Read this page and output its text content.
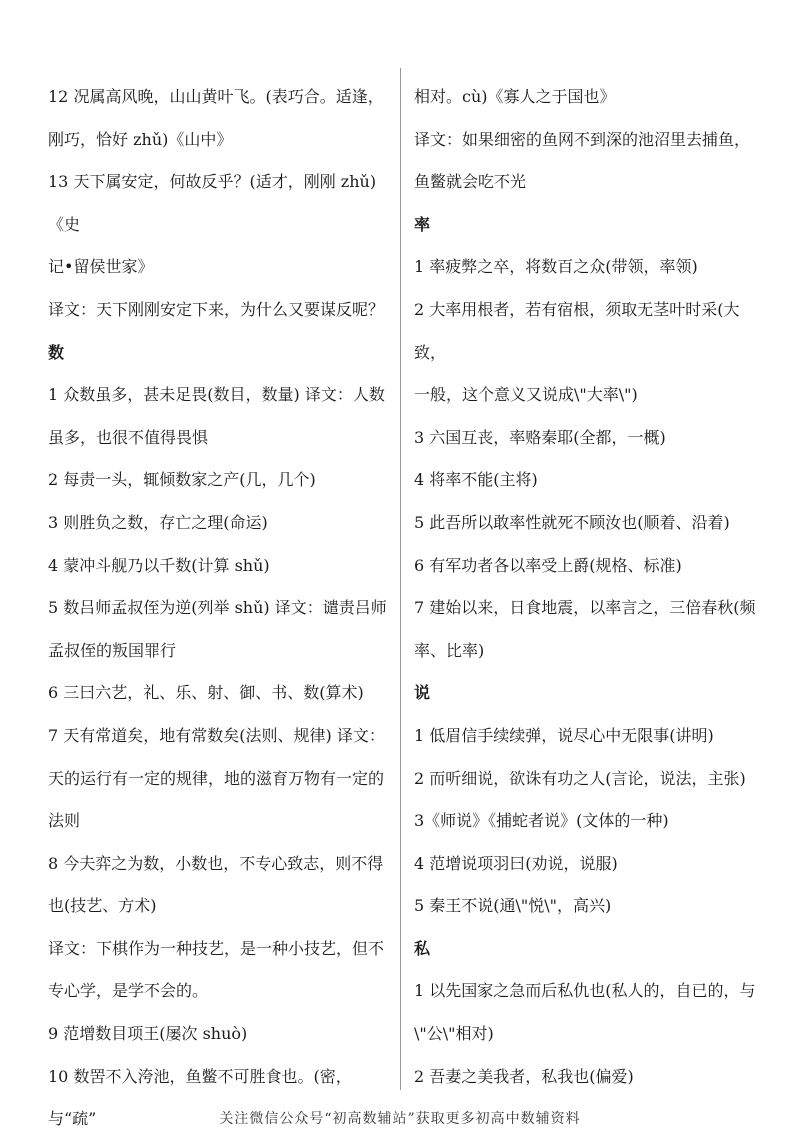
12 况属高风晚，山山黄叶飞。(表巧合。适逢，

刚巧，恰好 zhǔ)《山中》

13 天下属安定，何故反乎？(适才，刚刚 zhǔ)《史

记•留侯世家》

译文：天下刚刚安定下来，为什么又要谋反呢？

数

1 众数虽多，甚未足畏(数目，数量) 译文：人数

虽多，也很不值得畏惧

2 每责一头，辄倾数家之产(几，几个)

3 则胜负之数，存亡之理(命运)

4 蒙冲斗舰乃以千数(计算 shǔ)

5 数吕师孟叔侄为逆(列举 shǔ) 译文：谴责吕师

孟叔侄的叛国罪行

6 三曰六艺，礼、乐、射、御、书、数(算术)

7 天有常道矣，地有常数矣(法则、规律) 译文：

天的运行有一定的规律，地的滋育万物有一定的

法则

8 今夫弈之为数，小数也，不专心致志，则不得

也(技艺、方术)

译文：下棋作为一种技艺，是一种小技艺，但不

专心学，是学不会的。

9 范增数目项王(屡次 shuò)

10 数罟不入洿池，鱼鳖不可胜食也。(密，与“疏”

相对。cù)《寡人之于国也》

译文：如果细密的鱼网不到深的池沼里去捕鱼，

鱼鳖就会吃不光

率

1 率疲弊之卒，将数百之众(带领，率领)

2 大率用根者，若有宿根，须取无茎叶时采(大致，

一般，这个意义又说成\"大率\")

3 六国互丧，率赂秦耶(全都，一概)

4 将率不能(主将)

5 此吾所以敢率性就死不顾汝也(顺着、沿着)

6 有军功者各以率受上爵(规格、标准)

7 建始以来，日食地震，以率言之，三倍春秋(频

率、比率)

说

1 低眉信手续续弹，说尽心中无限事(讲明)

2 而听细说，欲诛有功之人(言论，说法，主张)

3《师说》《捕蛇者说》(文体的一种)

4 范增说项羽曰(劝说，说服)

5 秦王不说(通\"悦\"，高兴)

私

1 以先国家之急而后私仇也(私人的，自已的，与

\"公\"相对)

2 吾妻之美我者，私我也(偏爱)

关注微信公众号“初高数辅站”获取更多初高中数辅资料
